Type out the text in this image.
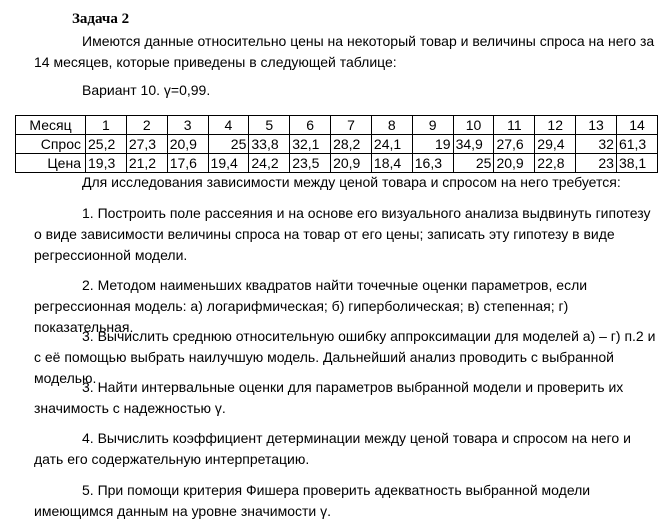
Задача 2

Имеются данные относительно цены на некоторый товар и величины спроса на него за 14 месяцев, которые приведены в следующей таблице:

Вариант 10. γ=0,99.
Месяц	1	2	3	4	5	6	7	8	9	10	11	12	13	14
Спрос	25,2	27,3	20,9	25	33,8	32,1	28,2	24,1	19	34,9	27,6	29,4	32	61,3
Цена	19,3	21,2	17,6	19,4	24,2	23,5	20,9	18,4	16,3	25	20,9	22,8	23	38,1
Для исследования зависимости между ценой товара и спросом на него требуется:

1. Построить поле рассеяния и на основе его визуального анализа выдвинуть гипотезу о виде зависимости величины спроса на товар от его цены; записать эту гипотезу в виде регрессионной модели.

2. Методом наименьших квадратов найти точечные оценки параметров, если регрессионная модель: а) логарифмическая; б) гиперболическая; в) степенная; г) показательная.

3. Вычислить среднюю относительную ошибку аппроксимации для моделей а) – г) п.2 и с её помощью выбрать наилучшую модель. Дальнейший анализ проводить с выбранной моделью.

3. Найти интервальные оценки для параметров выбранной модели и проверить их значимость с надежностью γ.

4. Вычислить коэффициент детерминации между ценой товара и спросом на него и дать его содержательную интерпретацию.

5. При помощи критерия Фишера проверить адекватность выбранной модели имеющимся данным на уровне значимости γ.
